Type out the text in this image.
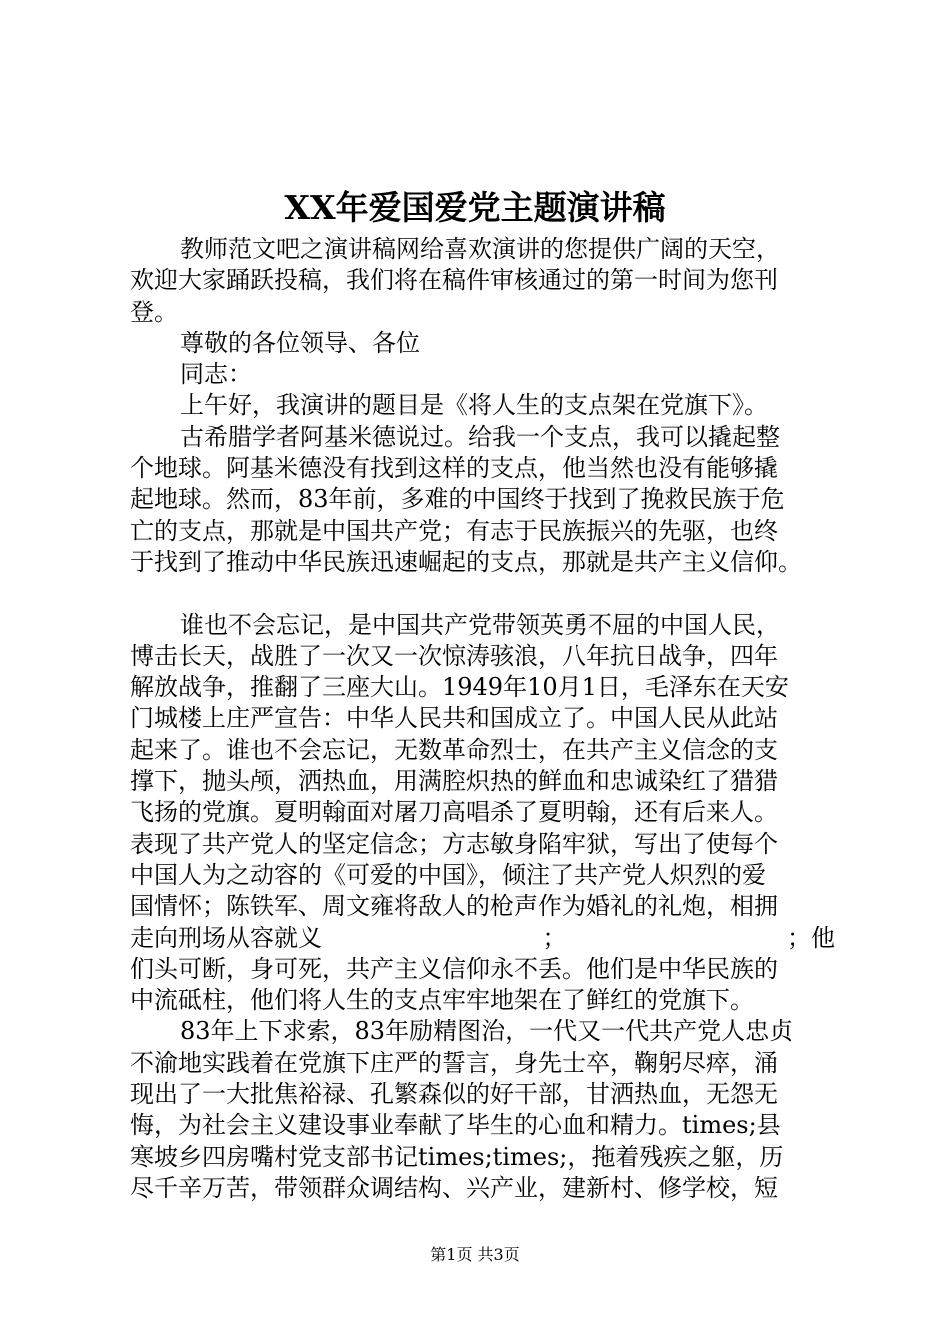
XX年爱国爱党主题演讲稿
教师范文吧之演讲稿网给喜欢演讲的您提供广阔的天空，
欢迎大家踊跃投稿，我们将在稿件审核通过的第一时间为您刊
登。
尊敬的各位领导、各位
同志：
上午好，我演讲的题目是《将人生的支点架在党旗下》。
古希腊学者阿基米德说过。给我一个支点，我可以撬起整
个地球。阿基米德没有找到这样的支点，他当然也没有能够撬
起地球。然而，83年前，多难的中国终于找到了挽救民族于危
亡的支点，那就是中国共产党；有志于民族振兴的先驱，也终
于找到了推动中华民族迅速崛起的支点，那就是共产主义信仰。
谁也不会忘记，是中国共产党带领英勇不屈的中国人民，
博击长天，战胜了一次又一次惊涛骇浪，八年抗日战争，四年
解放战争，推翻了三座大山。1949年10月1日，毛泽东在天安
门城楼上庄严宣告：中华人民共和国成立了。中国人民从此站
起来了。谁也不会忘记，无数革命烈士，在共产主义信念的支
撑下，抛头颅，洒热血，用满腔炽热的鲜血和忠诚染红了猎猎
飞扬的党旗。夏明翰面对屠刀高唱杀了夏明翰，还有后来人。
表现了共产党人的坚定信念；方志敏身陷牢狱，写出了使每个
中国人为之动容的《可爱的中国》，倾注了共产党人炽烈的爱
国情怀；陈铁军、周文雍将敌人的枪声作为婚礼的礼炮，相拥
走向刑场从容就义	；	；他
们头可断，身可死，共产主义信仰永不丢。他们是中华民族的
中流砥柱，他们将人生的支点牢牢地架在了鲜红的党旗下。
83年上下求索，83年励精图治，一代又一代共产党人忠贞
不渝地实践着在党旗下庄严的誓言，身先士卒，鞠躬尽瘁，涌
现出了一大批焦裕禄、孔繁森似的好干部，甘洒热血，无怨无
悔，为社会主义建设事业奉献了毕生的心血和精力。times;县
寒坡乡四房嘴村党支部书记times;times;，拖着残疾之躯，历
尽千辛万苦，带领群众调结构、兴产业，建新村、修学校，短
第1页 共3页
